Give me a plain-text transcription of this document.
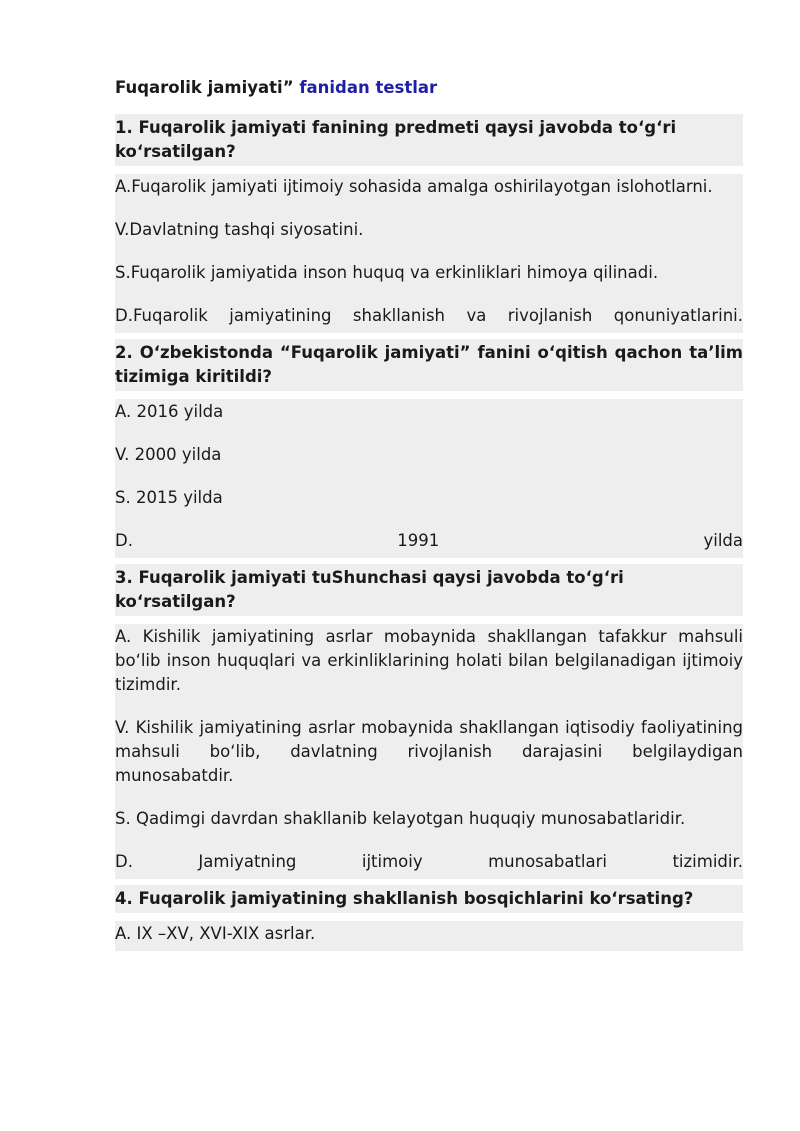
Fuqarolik jamiyati” fanidan testlar

1. Fuqarolik jamiyati fanining predmeti qaysi javobda to‘g‘ri ko‘rsatilgan?

A.Fuqarolik jamiyati ijtimoiy sohasida amalga oshirilayotgan islohotlarni.

V.Davlatning tashqi siyosatini.

S.Fuqarolik jamiyatida inson huquq va erkinliklari himoya qilinadi.

D.Fuqarolik jamiyatining shakllanish va rivojlanish qonuniyatlarini.

2. O‘zbekistonda “Fuqarolik jamiyati” fanini o‘qitish qachon ta’lim tizimiga kiritildi?

A. 2016 yilda

V. 2000 yilda

S. 2015 yilda

D. 1991 yilda

3. Fuqarolik jamiyati tuShunchasi qaysi javobda to‘g‘ri ko‘rsatilgan?

A. Kishilik jamiyatining asrlar mobaynida shakllangan tafakkur mahsuli bo‘lib inson huquqlari va erkinliklarining holati bilan belgilanadigan ijtimoiy tizimdir.

V. Kishilik jamiyatining asrlar mobaynida shakllangan iqtisodiy faoliyatining mahsuli bo‘lib, davlatning rivojlanish darajasini belgilaydigan munosabatdir.

S. Qadimgi davrdan shakllanib kelayotgan huquqiy munosabatlaridir.

D. Jamiyatning ijtimoiy munosabatlari tizimidir.

4. Fuqarolik jamiyatining shakllanish bosqichlarini ko‘rsating?

A. IX –XV, XVI-XIX asrlar.
